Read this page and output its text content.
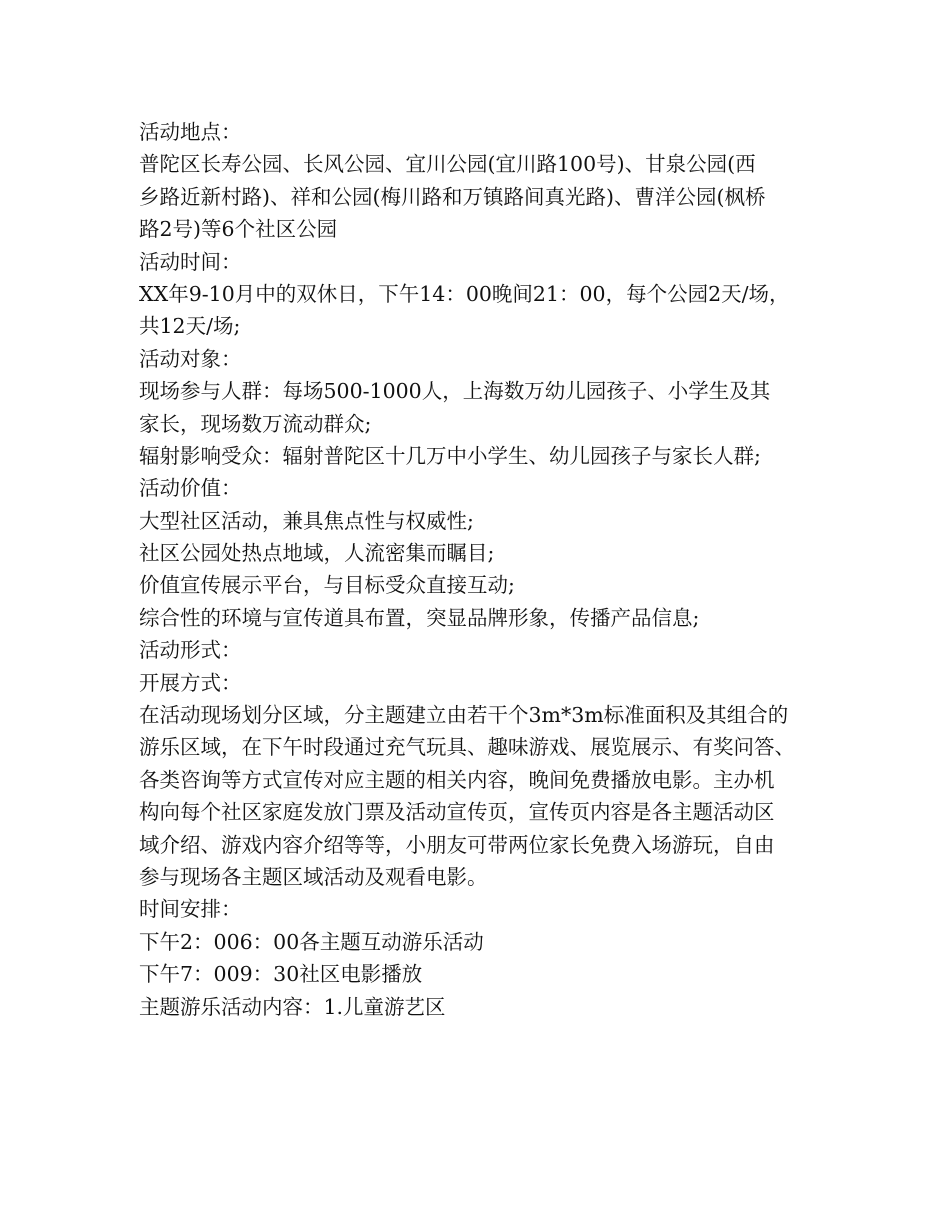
活动地点：
普陀区长寿公园、长风公园、宜川公园(宜川路100号)、甘泉公园(西
乡路近新村路)、祥和公园(梅川路和万镇路间真光路)、曹洋公园(枫桥
路2号)等6个社区公园
活动时间：
XX年9-10月中的双休日，下午14：00晚间21：00，每个公园2天/场，
共12天/场;
活动对象：
现场参与人群：每场500-1000人，上海数万幼儿园孩子、小学生及其
家长，现场数万流动群众;
辐射影响受众：辐射普陀区十几万中小学生、幼儿园孩子与家长人群;
活动价值：
大型社区活动，兼具焦点性与权威性;
社区公园处热点地域，人流密集而瞩目;
价值宣传展示平台，与目标受众直接互动;
综合性的环境与宣传道具布置，突显品牌形象，传播产品信息;
活动形式：
开展方式：
在活动现场划分区域，分主题建立由若干个3m*3m标准面积及其组合的
游乐区域，在下午时段通过充气玩具、趣味游戏、展览展示、有奖问答、
各类咨询等方式宣传对应主题的相关内容，晚间免费播放电影。主办机
构向每个社区家庭发放门票及活动宣传页，宣传页内容是各主题活动区
域介绍、游戏内容介绍等等，小朋友可带两位家长免费入场游玩，自由
参与现场各主题区域活动及观看电影。
时间安排：
下午2：006：00各主题互动游乐活动
下午7：009：30社区电影播放
主题游乐活动内容：1.儿童游艺区
